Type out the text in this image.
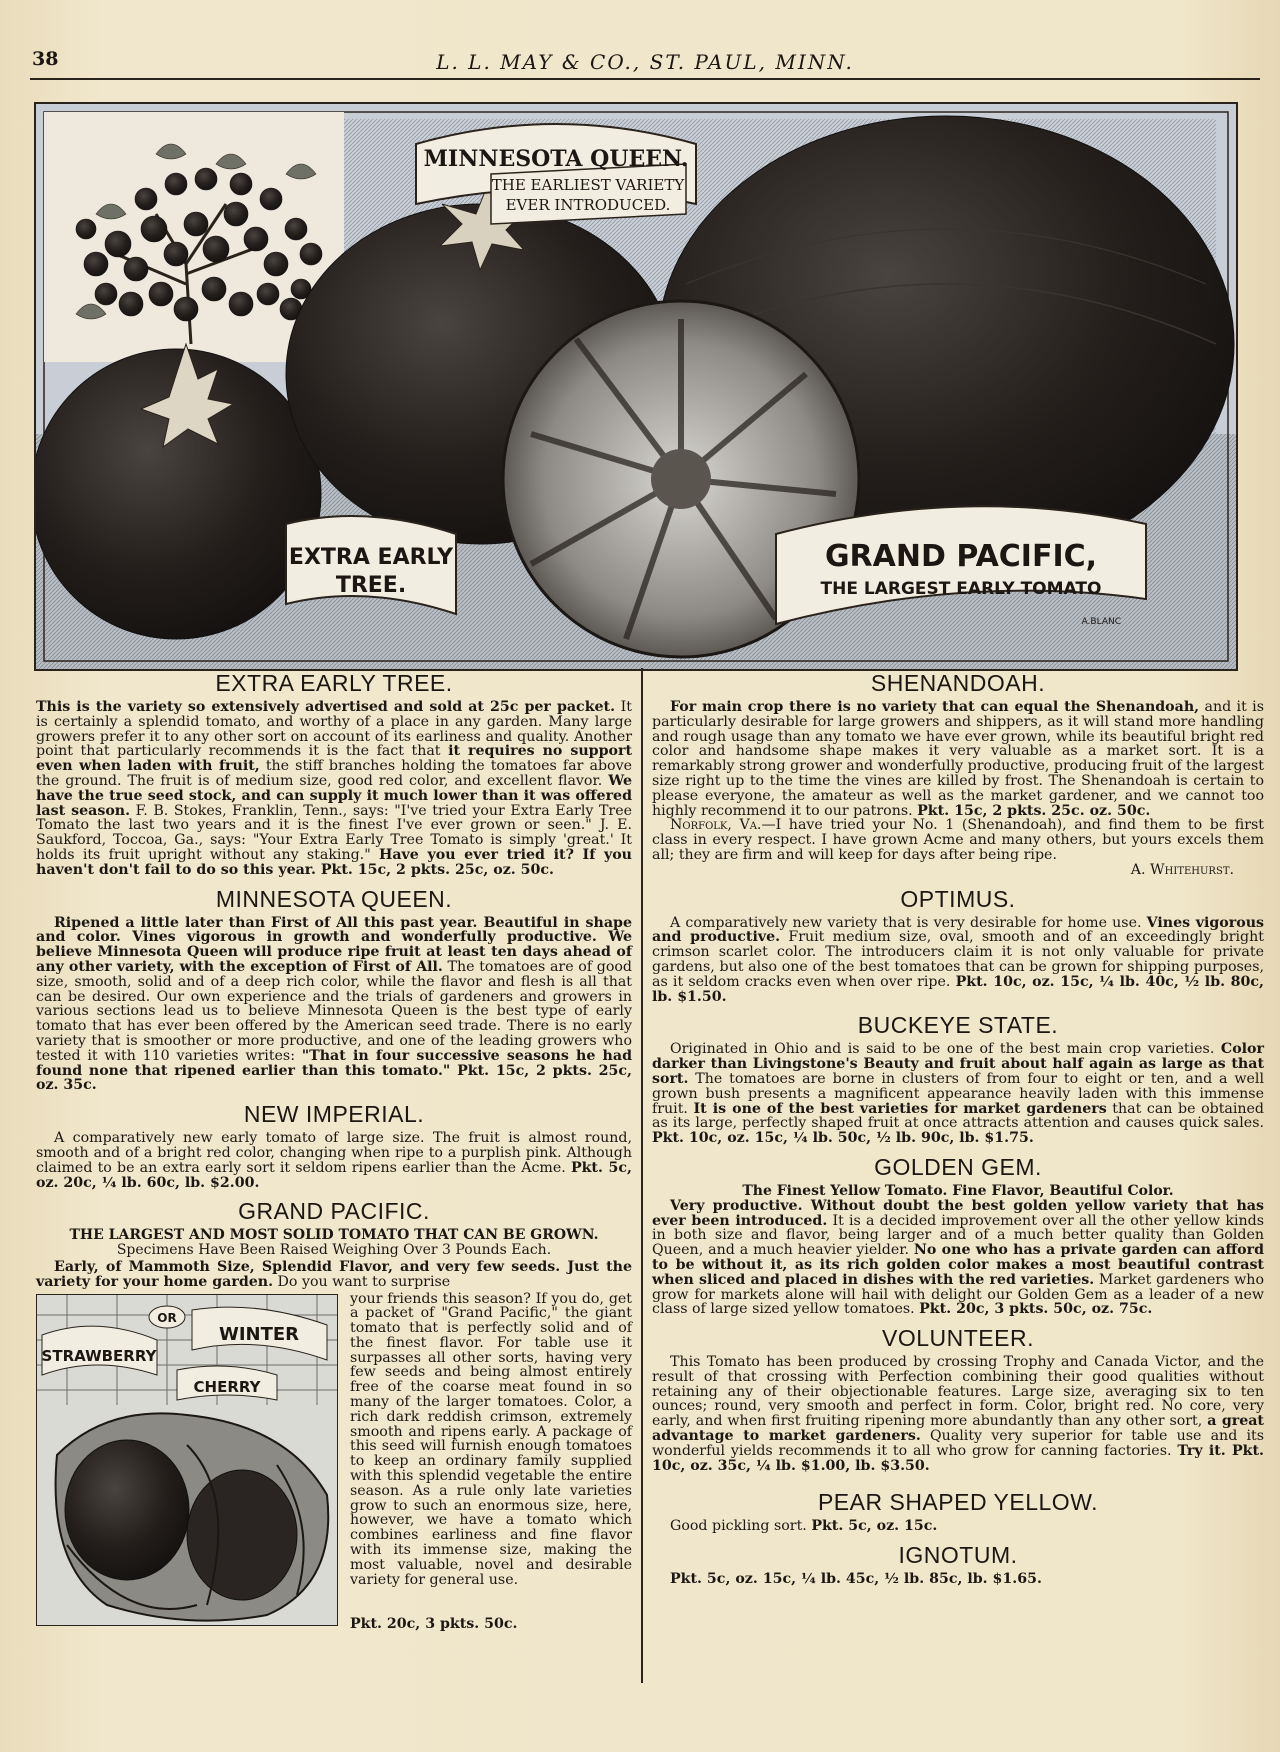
38	L. L. MAY & CO., ST. PAUL, MINN.
MINNESOTA QUEEN.
THE EARLIEST VARIETY
EVER INTRODUCED.
EXTRA EARLY
TREE.
GRAND PACIFIC,
THE LARGEST EARLY TOMATO
A.BLANC
EXTRA EARLY TREE.

This is the variety so extensively advertised and sold at 25c per packet. It is certainly a splendid tomato, and worthy of a place in any garden. Many large growers prefer it to any other sort on account of its earliness and quality. Another point that particularly recommends it is the fact that it requires no support even when laden with fruit, the stiff branches holding the tomatoes far above the ground. The fruit is of medium size, good red color, and excellent flavor. We have the true seed stock, and can supply it much lower than it was offered last season. F. B. Stokes, Franklin, Tenn., says: "I've tried your Extra Early Tree Tomato the last two years and it is the finest I've ever grown or seen." J. E. Saukford, Toccoa, Ga., says: "Your Extra Early Tree Tomato is simply 'great.' It holds its fruit upright without any staking." Have you ever tried it? If you haven't don't fail to do so this year. Pkt. 15c, 2 pkts. 25c, oz. 50c.

MINNESOTA QUEEN.

Ripened a little later than First of All this past year. Beautiful in shape and color. Vines vigorous in growth and wonderfully productive. We believe Minnesota Queen will produce ripe fruit at least ten days ahead of any other variety, with the exception of First of All. The tomatoes are of good size, smooth, solid and of a deep rich color, while the flavor and flesh is all that can be desired. Our own experience and the trials of gardeners and growers in various sections lead us to believe Minnesota Queen is the best type of early tomato that has ever been offered by the American seed trade. There is no early variety that is smoother or more productive, and one of the leading growers who tested it with 110 varieties writes: "That in four successive seasons he had found none that ripened earlier than this tomato." Pkt. 15c, 2 pkts. 25c, oz. 35c.

NEW IMPERIAL.

A comparatively new early tomato of large size. The fruit is almost round, smooth and of a bright red color, changing when ripe to a purplish pink. Although claimed to be an extra early sort it seldom ripens earlier than the Acme. Pkt. 5c, oz. 20c, ¼ lb. 60c, lb. $2.00.

GRAND PACIFIC.

THE LARGEST AND MOST SOLID TOMATO THAT CAN BE GROWN.

Specimens Have Been Raised Weighing Over 3 Pounds Each.

Early, of Mammoth Size, Splendid Flavor, and very few seeds. Just the variety for your home garden. Do you want to surprise

STRAWBERRY
OR
WINTER
CHERRY
your friends this season? If you do, get a packet of "Grand Pacific," the giant tomato that is perfectly solid and of the finest flavor. For table use it surpasses all other sorts, having very few seeds and being almost entirely free of the coarse meat found in so many of the larger tomatoes. Color, a rich dark reddish crimson, extremely smooth and ripens early. A package of this seed will furnish enough tomatoes to keep an ordinary family supplied with this splendid vegetable the entire season. As a rule only late varieties grow to such an enormous size, here, however, we have a tomato which combines earliness and fine flavor with its immense size, making the most valuable, novel and desirable variety for general use.
Pkt. 20c, 3 pkts. 50c.
SHENANDOAH.

For main crop there is no variety that can equal the Shenandoah, and it is particularly desirable for large growers and shippers, as it will stand more handling and rough usage than any tomato we have ever grown, while its beautiful bright red color and handsome shape makes it very valuable as a market sort. It is a remarkably strong grower and wonderfully productive, producing fruit of the largest size right up to the time the vines are killed by frost. The Shenandoah is certain to please everyone, the amateur as well as the market gardener, and we cannot too highly recommend it to our patrons. Pkt. 15c, 2 pkts. 25c. oz. 50c.

Norfolk, Va.—I have tried your No. 1 (Shenandoah), and find them to be first class in every respect. I have grown Acme and many others, but yours excels them all; they are firm and will keep for days after being ripe.

A. Whitehurst.

OPTIMUS.

A comparatively new variety that is very desirable for home use. Vines vigorous and productive. Fruit medium size, oval, smooth and of an exceedingly bright crimson scarlet color. The introducers claim it is not only valuable for private gardens, but also one of the best tomatoes that can be grown for shipping purposes, as it seldom cracks even when over ripe. Pkt. 10c, oz. 15c, ¼ lb. 40c, ½ lb. 80c, lb. $1.50.

BUCKEYE STATE.

Originated in Ohio and is said to be one of the best main crop varieties. Color darker than Livingstone's Beauty and fruit about half again as large as that sort. The tomatoes are borne in clusters of from four to eight or ten, and a well grown bush presents a magnificent appearance heavily laden with this immense fruit. It is one of the best varieties for market gardeners that can be obtained as its large, perfectly shaped fruit at once attracts attention and causes quick sales. Pkt. 10c, oz. 15c, ¼ lb. 50c, ½ lb. 90c, lb. $1.75.

GOLDEN GEM.

The Finest Yellow Tomato. Fine Flavor, Beautiful Color.

Very productive. Without doubt the best golden yellow variety that has ever been introduced. It is a decided improvement over all the other yellow kinds in both size and flavor, being larger and of a much better quality than Golden Queen, and a much heavier yielder. No one who has a private garden can afford to be without it, as its rich golden color makes a most beautiful contrast when sliced and placed in dishes with the red varieties. Market gardeners who grow for markets alone will hail with delight our Golden Gem as a leader of a new class of large sized yellow tomatoes. Pkt. 20c, 3 pkts. 50c, oz. 75c.

VOLUNTEER.

This Tomato has been produced by crossing Trophy and Canada Victor, and the result of that crossing with Perfection combining their good qualities without retaining any of their objectionable features. Large size, averaging six to ten ounces; round, very smooth and perfect in form. Color, bright red. No core, very early, and when first fruiting ripening more abundantly than any other sort, a great advantage to market gardeners. Quality very superior for table use and its wonderful yields recommends it to all who grow for canning factories. Try it. Pkt. 10c, oz. 35c, ¼ lb. $1.00, lb. $3.50.

PEAR SHAPED YELLOW.

Good pickling sort. Pkt. 5c, oz. 15c.

IGNOTUM.

Pkt. 5c, oz. 15c, ¼ lb. 45c, ½ lb. 85c, lb. $1.65.
